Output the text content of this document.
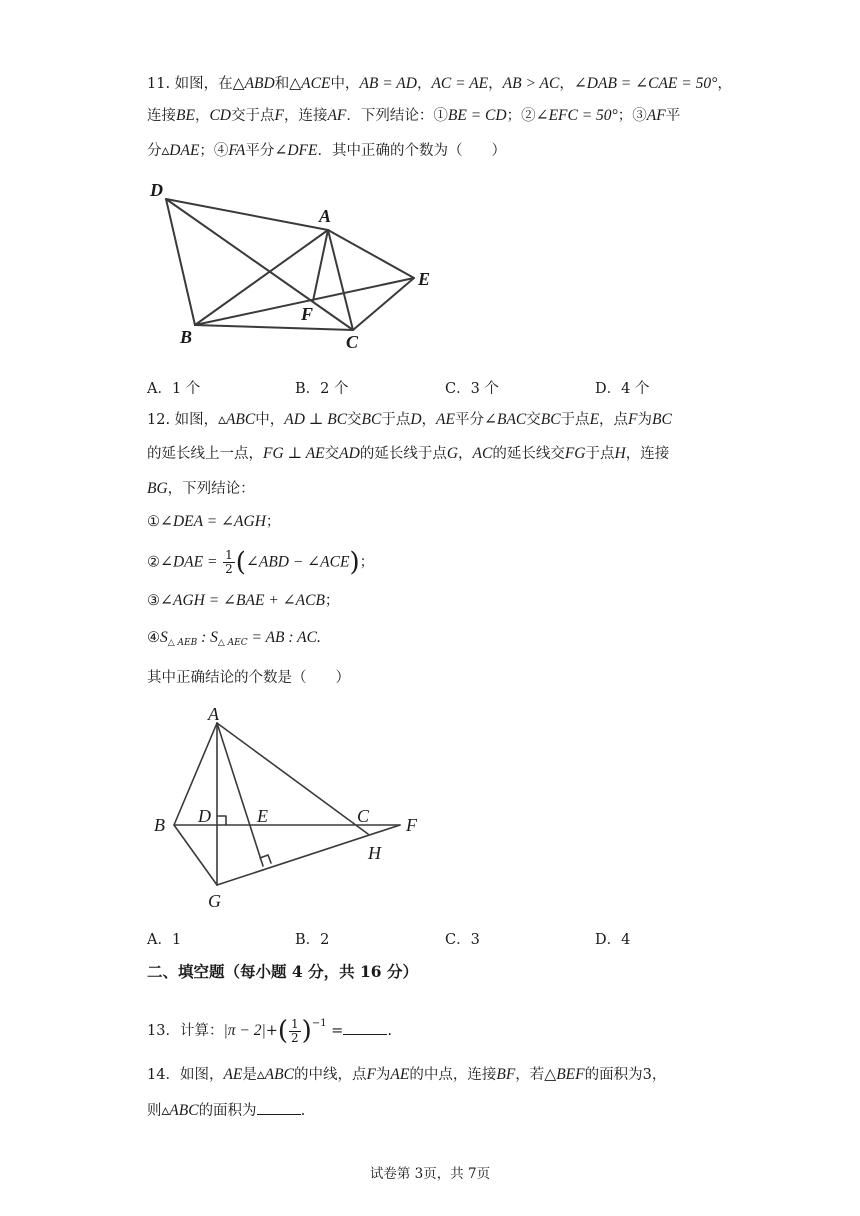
11. 如图，在△ABD和△ACE中，AB = AD，AC = AE，AB > AC，∠DAB = ∠CAE = 50°，
连接BE，CD交于点F，连接AF．下列结论：①BE = CD；②∠EFC = 50°；③AF平
分▵DAE；④FA平分∠DFE．其中正确的个数为（　　）
D
A
E
F
B	C
A．1 个	B．2 个	C．3 个	D．4 个
12. 如图，▵ABC中，AD ⊥ BC交BC于点D，AE平分∠BAC交BC于点E，点F为BC
的延长线上一点，FG ⊥ AE交AD的延长线于点G，AC的延长线交FG于点H，连接
BG，下列结论：
①∠DEA = ∠AGH；
②∠DAE = $\frac{1}{2}$ (∠ABD − ∠ACE)；
③∠AGH = ∠BAE + ∠ACB；
$④S_{\triangle AEB}$ : $S_{\triangle AEC}$ = AB : AC.
其中正确结论的个数是（　　）
A
B D	E	C F
H
G
A．1	B．2	C．3	D．4
二、填空题（每小题 4 分，共 16 分）
13．计算：$|\pi - 2|+( \frac{1}{2} )^{-1}$ =	.
14．如图，AE是▵ABC的中线，点F为AE的中点，连接BF，若△BEF的面积为3，
则▵ABC的面积为	.
试卷第 3页，共 7页
